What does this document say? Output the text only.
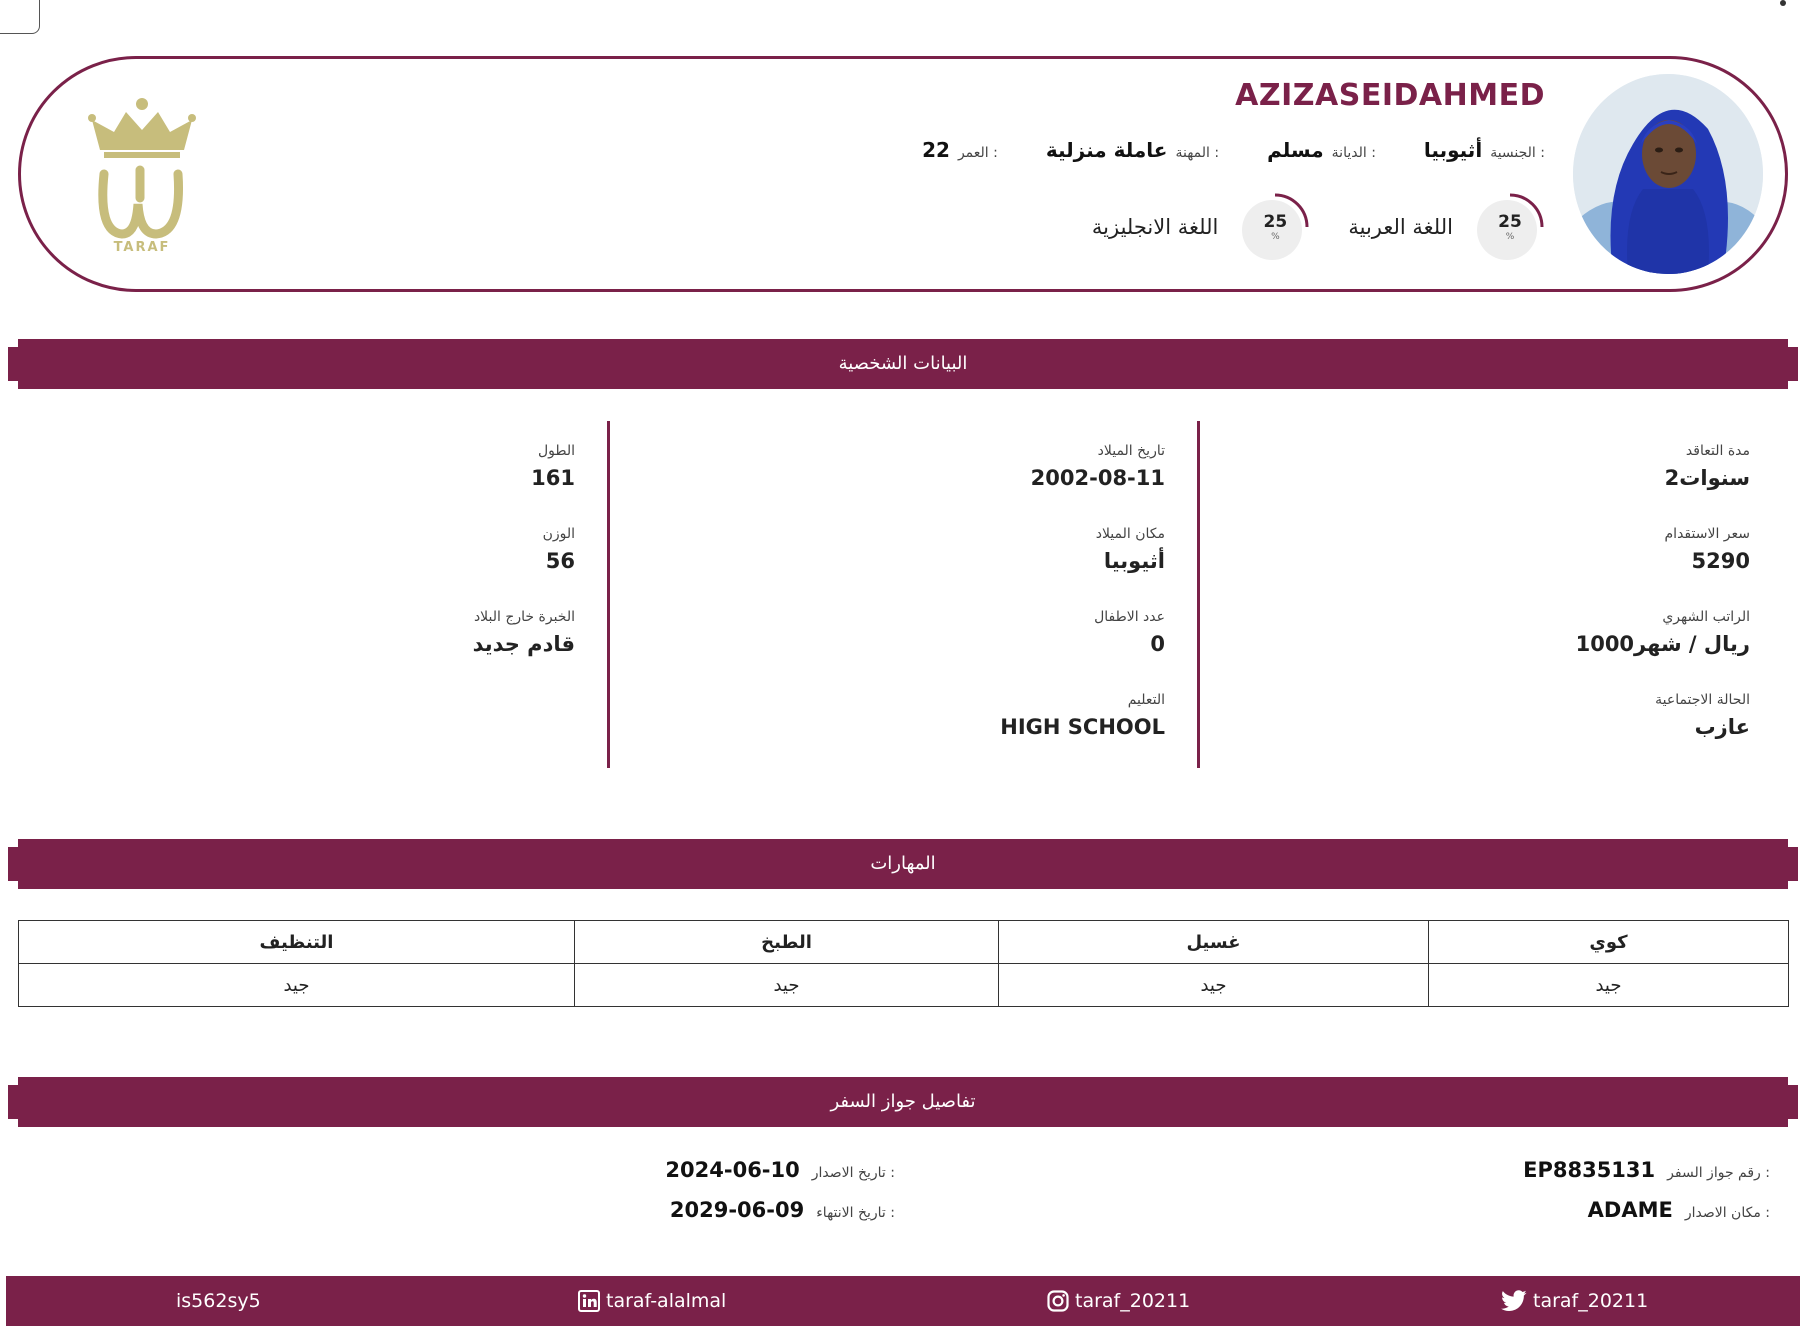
AZIZASEIDAHMED
الجنسية :
أثيوبيا
الديانة :
مسلم
المهنة :
عاملة منزلية
العمر :
22
25
%
اللغة العربية
25
%
اللغة الانجليزية
TARAF
البيانات الشخصية
مدة التعاقد
2سنوات
سعر الاستقدام
5290
الراتب الشهري
1000ريال / شهر
الحالة الاجتماعية
عازب
تاريخ الميلاد
2002-08-11
مكان الميلاد
أثيوبيا
عدد الاطفال
0
التعليم
HIGH SCHOOL
الطول
161
الوزن
56
الخبرة خارج البلاد
قادم جديد
المهارات
كوي	غسيل	الطبخ	التنظيف
جيد	جيد	جيد	جيد
تفاصيل جواز السفر
رقم جواز السفر :
EP8835131
مكان الاصدار :
ADAME
تاريخ الاصدار :
2024-06-10
تاريخ الانتهاء :
2029-06-09
taraf_20211
taraf_20211
taraf-alalmal
is562sy5
